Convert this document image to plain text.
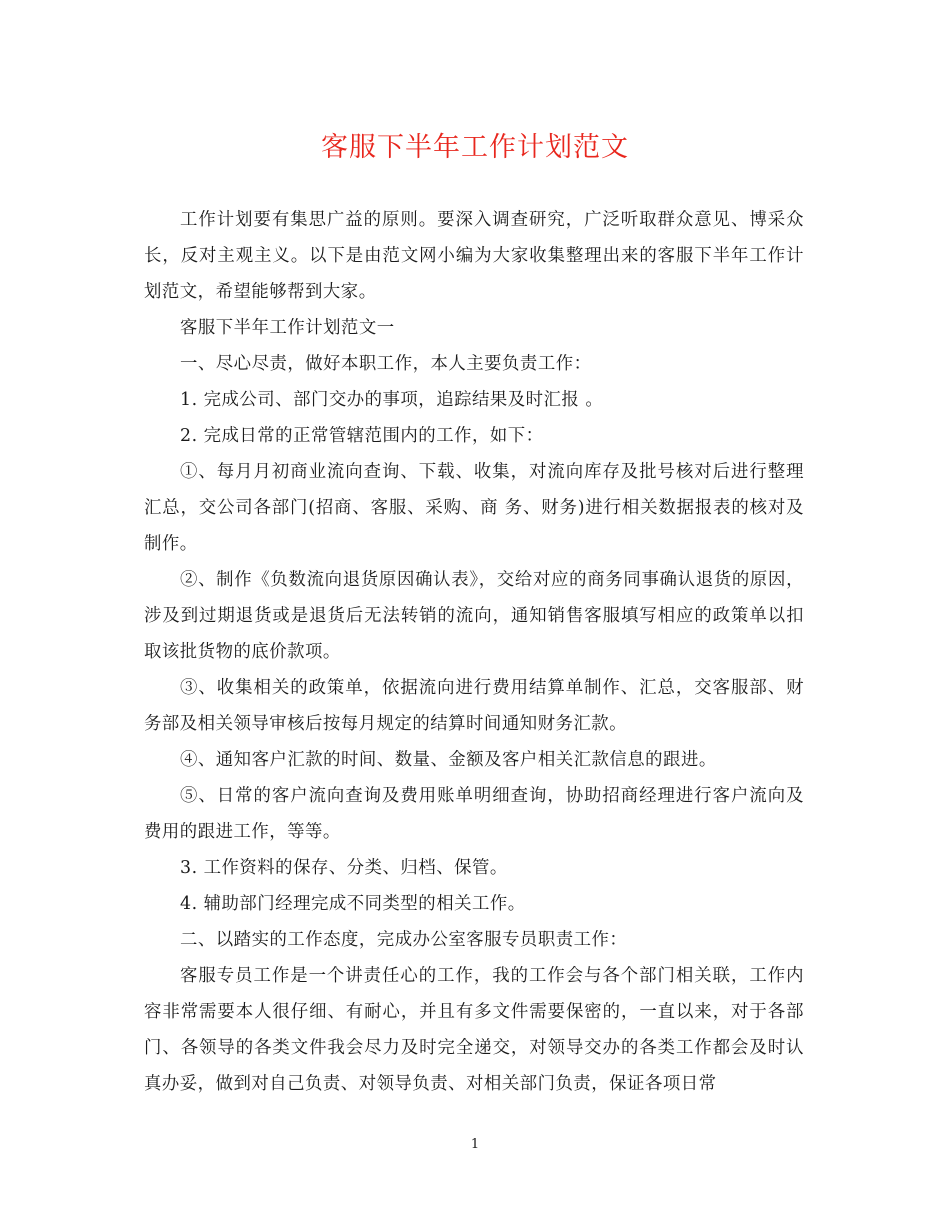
客服下半年工作计划范文

工作计划要有集思广益的原则。要深入调查研究，广泛听取群众意见、博采众长，反对主观主义。以下是由范文网小编为大家收集整理出来的客服下半年工作计划范文，希望能够帮到大家。

客服下半年工作计划范文一

一、尽心尽责，做好本职工作，本人主要负责工作：

1. 完成公司、部门交办的事项，追踪结果及时汇报 。

2. 完成日常的正常管辖范围内的工作，如下：

①、每月月初商业流向查询、下载、收集，对流向库存及批号核对后进行整理汇总，交公司各部门(招商、客服、采购、商 务、财务)进行相关数据报表的核对及制作。

②、制作《负数流向退货原因确认表》，交给对应的商务同事确认退货的原因，涉及到过期退货或是退货后无法转销的流向，通知销售客服填写相应的政策单以扣取该批货物的底价款项。

③、收集相关的政策单，依据流向进行费用结算单制作、汇总，交客服部、财务部及相关领导审核后按每月规定的结算时间通知财务汇款。

④、通知客户汇款的时间、数量、金额及客户相关汇款信息的跟进。

⑤、日常的客户流向查询及费用账单明细查询，协助招商经理进行客户流向及费用的跟进工作，等等。

3. 工作资料的保存、分类、归档、保管。

4. 辅助部门经理完成不同类型的相关工作。

二、以踏实的工作态度，完成办公室客服专员职责工作：

客服专员工作是一个讲责任心的工作，我的工作会与各个部门相关联，工作内容非常需要本人很仔细、有耐心，并且有多文件需要保密的，一直以来，对于各部门、各领导的各类文件我会尽力及时完全递交，对领导交办的各类工作都会及时认真办妥，做到对自己负责、对领导负责、对相关部门负责，保证各项日常

1
